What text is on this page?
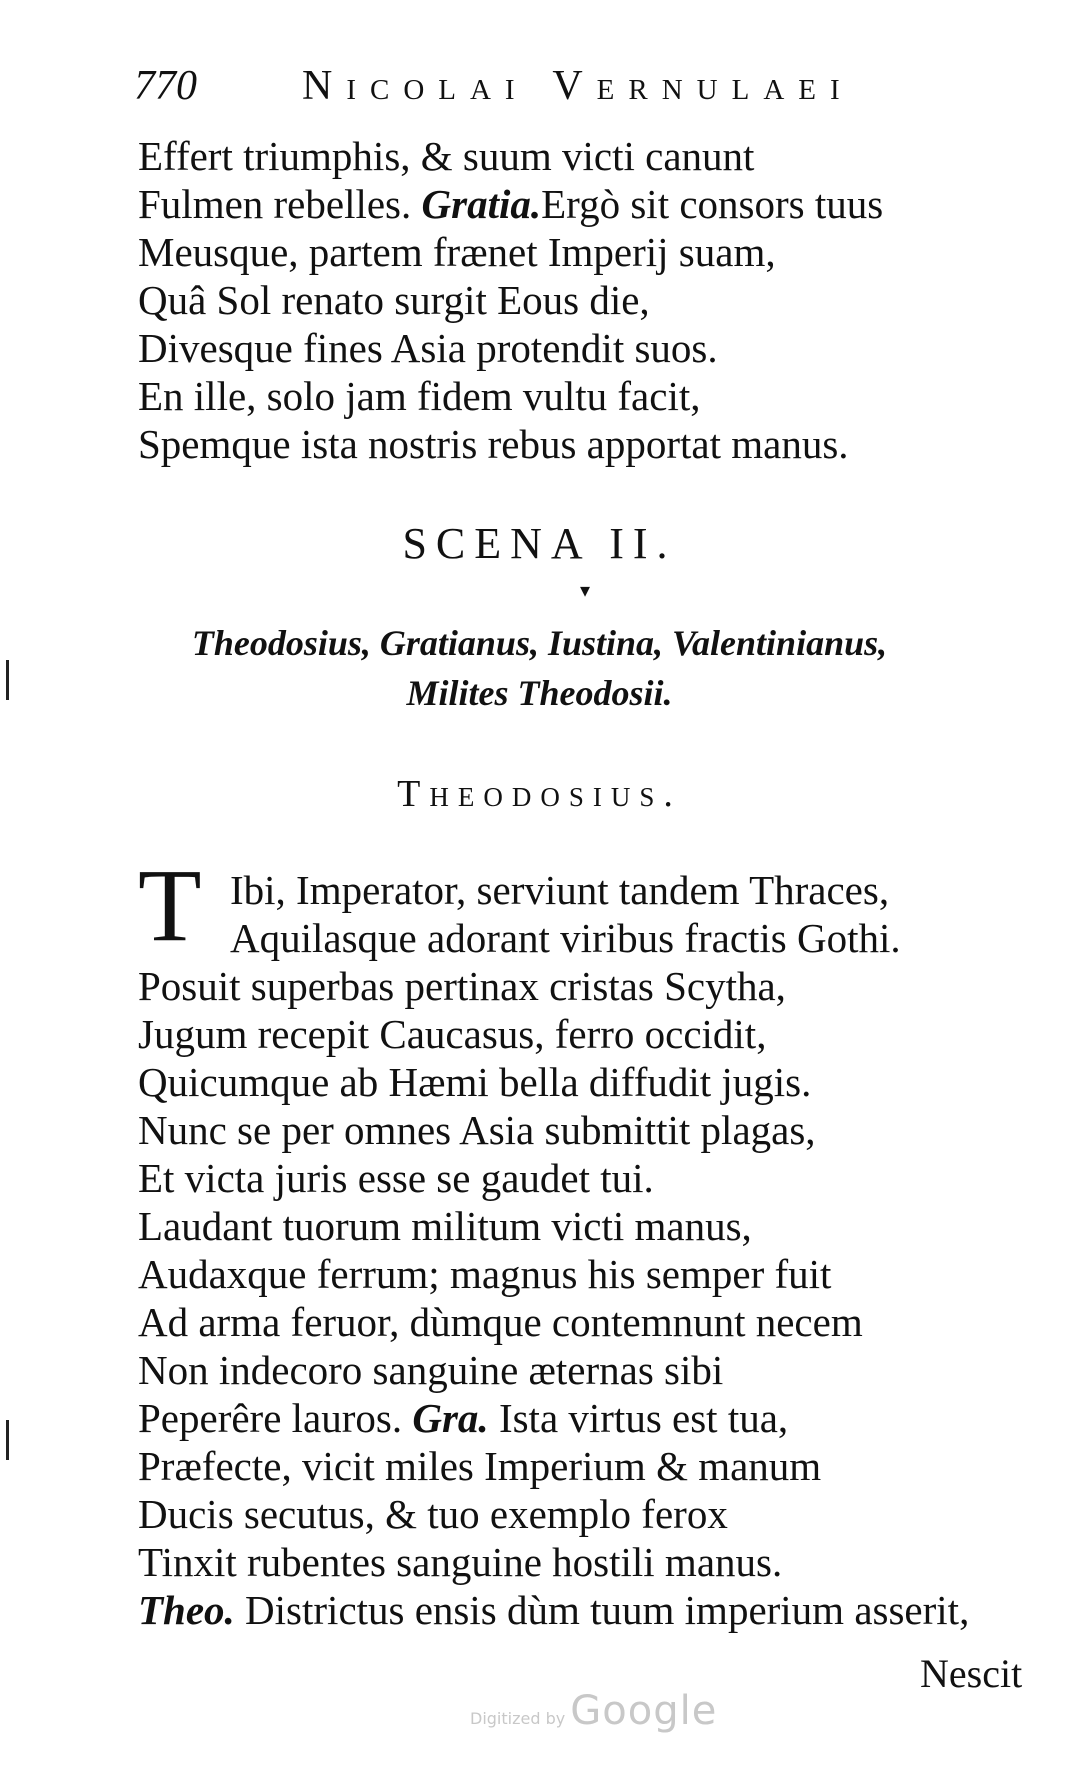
770	Nicolai Vernulaei
Effert triumphis, & suum victi canunt
Fulmen rebelles. Gratia.Ergò sit consors tuus
Meusque, partem frænet Imperij suam,
Quâ Sol renato surgit Eous die,
Divesque fines Asia protendit suos.
En ille, solo jam fidem vultu facit,
Spemque ista nostris rebus apportat manus.
SCENA II.
▾
Theodosius, Gratianus, Iustina, Valentinianus,
Milites Theodosii.
Theodosius.
T Ibi, Imperator, serviunt tandem Thraces,
Aquilasque adorant viribus fractis Gothi.
Posuit superbas pertinax cristas Scytha,
Jugum recepit Caucasus, ferro occidit,
Quicumque ab Hæmi bella diffudit jugis.
Nunc se per omnes Asia submittit plagas,
Et victa juris esse se gaudet tui.
Laudant tuorum militum victi manus,
Audaxque ferrum; magnus his semper fuit
Ad arma feruor, dùmque contemnunt necem
Non indecoro sanguine æternas sibi
Peperêre lauros. Gra. Ista virtus est tua,
Præfecte, vicit miles Imperium & manum
Ducis secutus, & tuo exemplo ferox
Tinxit rubentes sanguine hostili manus.
Theo. Districtus ensis dùm tuum imperium asserit,
Nescit
Digitized by Google
